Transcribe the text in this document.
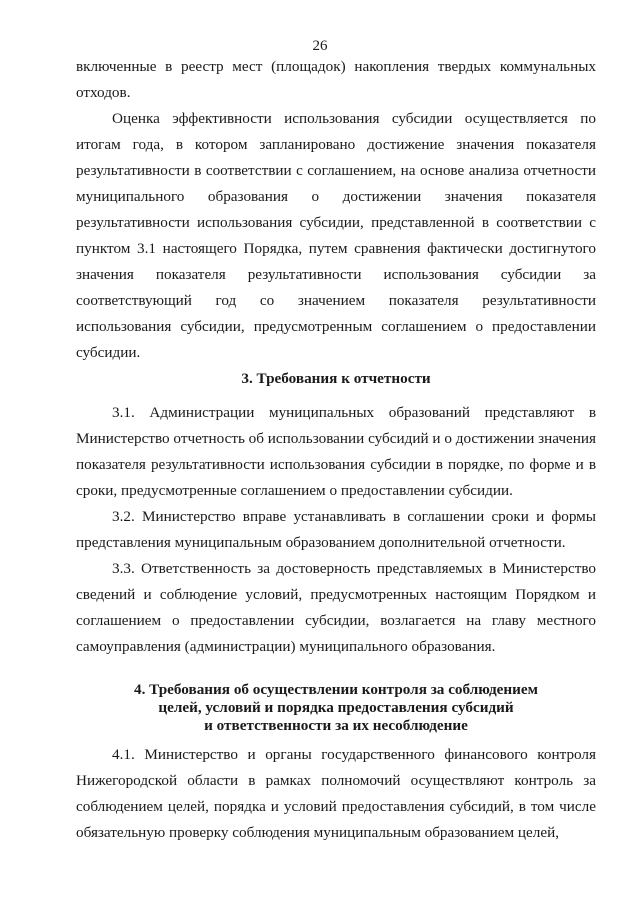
26

включенные в реестр мест (площадок) накопления твердых коммунальных отходов.

Оценка эффективности использования субсидии осуществляется по итогам года, в котором запланировано достижение значения показателя результативности в соответствии с соглашением, на основе анализа отчетности муниципального образования о достижении значения показателя результативности использования субсидии, представленной в соответствии с пунктом 3.1 настоящего Порядка, путем сравнения фактически достигнутого значения показателя результативности использования субсидии за соответствующий год со значением показателя результативности использования субсидии, предусмотренным соглашением о предоставлении субсидии.

3. Требования к отчетности

3.1. Администрации муниципальных образований представляют в Министерство отчетность об использовании субсидий и о достижении значения показателя результативности использования субсидии в порядке, по форме и в сроки, предусмотренные соглашением о предоставлении субсидии.

3.2. Министерство вправе устанавливать в соглашении сроки и формы представления муниципальным образованием дополнительной отчетности.

3.3. Ответственность за достоверность представляемых в Министерство сведений и соблюдение условий, предусмотренных настоящим Порядком и соглашением о предоставлении субсидии, возлагается на главу местного самоуправления (администрации) муниципального образования.

4. Требования об осуществлении контроля за соблюдением
целей, условий и порядка предоставления субсидий
и ответственности за их несоблюдение

4.1. Министерство и органы государственного финансового контроля Нижегородской области в рамках полномочий осуществляют контроль за соблюдением целей, порядка и условий предоставления субсидий, в том числе обязательную проверку соблюдения муниципальным образованием целей,
